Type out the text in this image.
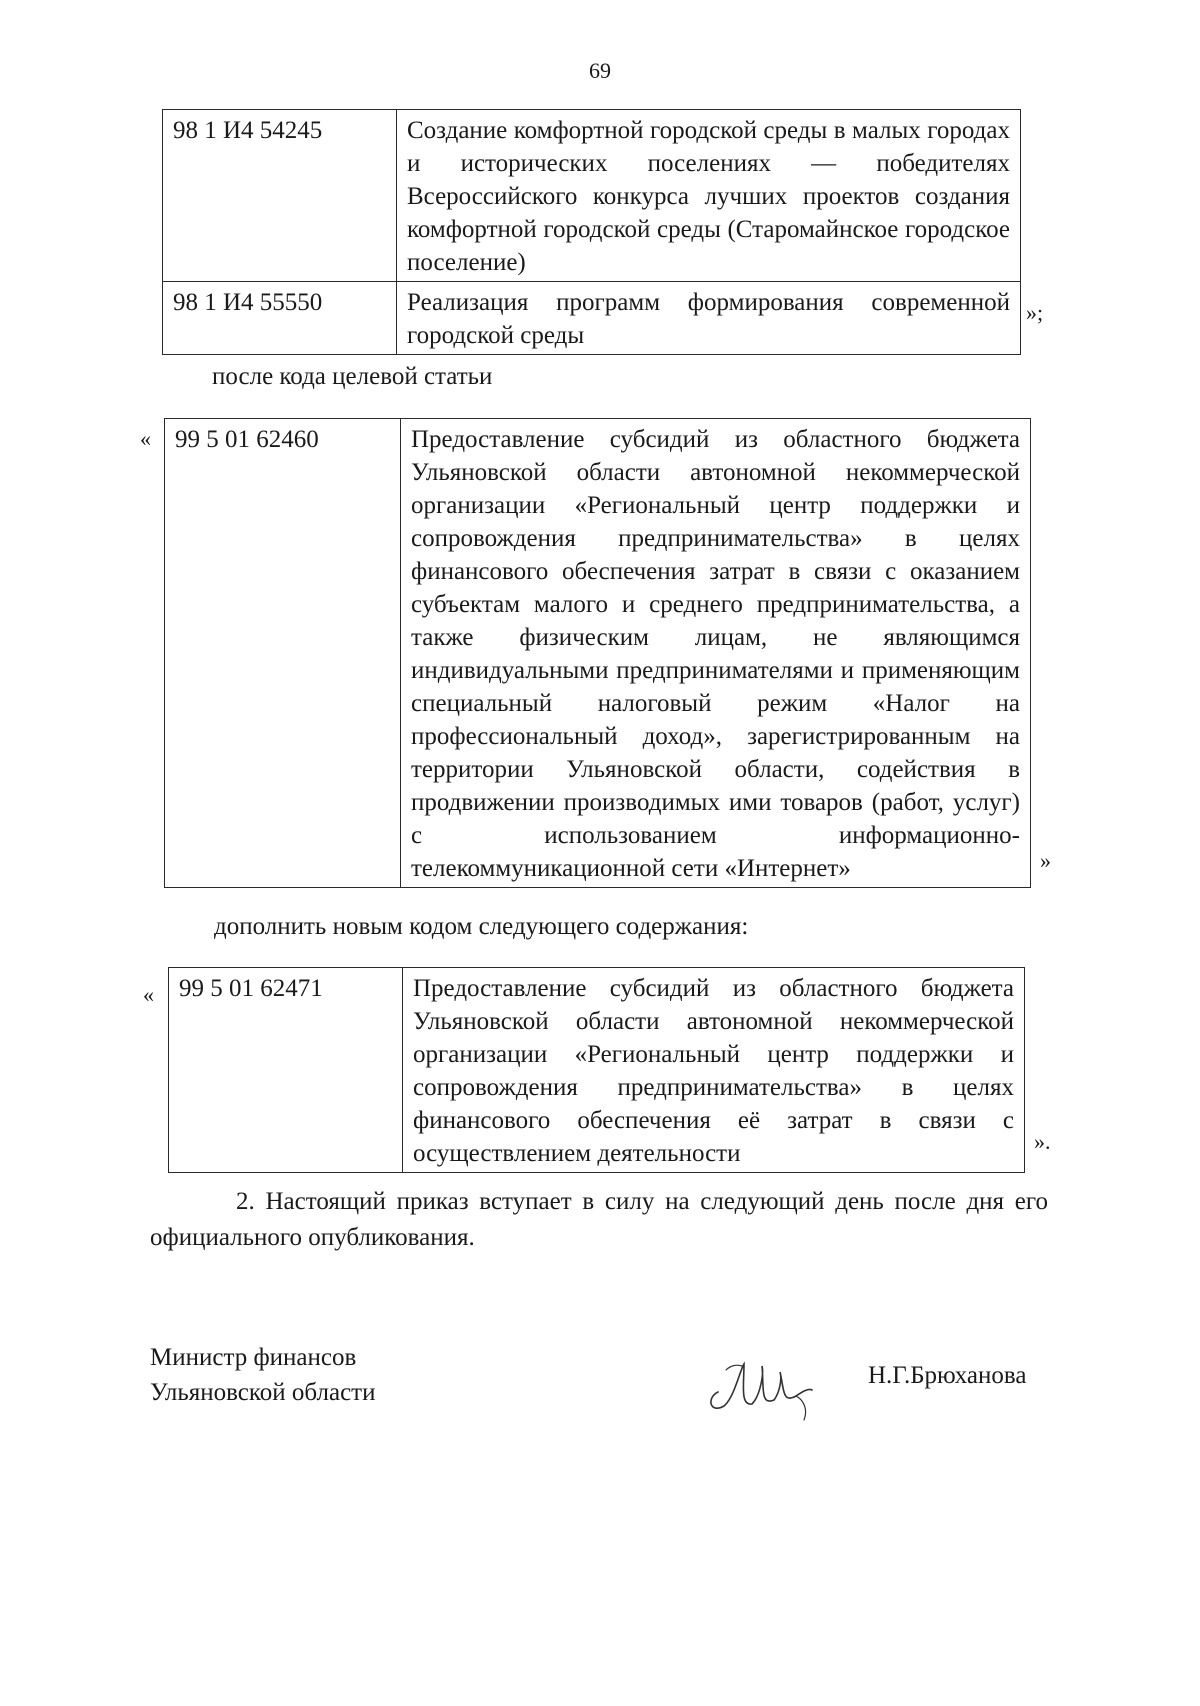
69
98 1 И4 54245	Создание комфортной городской среды в малых городах и исторических поселениях — победителях Всероссийского конкурса лучших проектов создания комфортной городской среды (Старомайнское городское поселение)
98 1 И4 55550	Реализация программ формирования современной городской среды
»;
после кода целевой статьи
« 99 5 01 62460	Предоставление субсидий из областного бюджета Ульяновской области автономной некоммерческой организации «Региональный центр поддержки и сопровождения предпринимательства» в целях финансового обеспечения затрат в связи с оказанием субъектам малого и среднего предпринимательства, а также физическим лицам, не являющимся индивидуальными предпринимателями и применяющим специальный налоговый режим «Налог на профессиональный доход», зарегистрированным на территории Ульяновской области, содействия в продвижении производимых ими товаров (работ, услуг) с использованием информационно-телекоммуникационной сети «Интернет»	»
дополнить новым кодом следующего содержания:
« 99 5 01 62471	Предоставление субсидий из областного бюджета Ульяновской области автономной некоммерческой организации «Региональный центр поддержки и сопровождения предпринимательства» в целях финансового обеспечения её затрат в связи с осуществлением деятельности	».
2. Настоящий приказ вступает в силу на следующий день после дня его официального опубликования.
Министр финансов
Ульяновской области
Н.Г.Брюханова
